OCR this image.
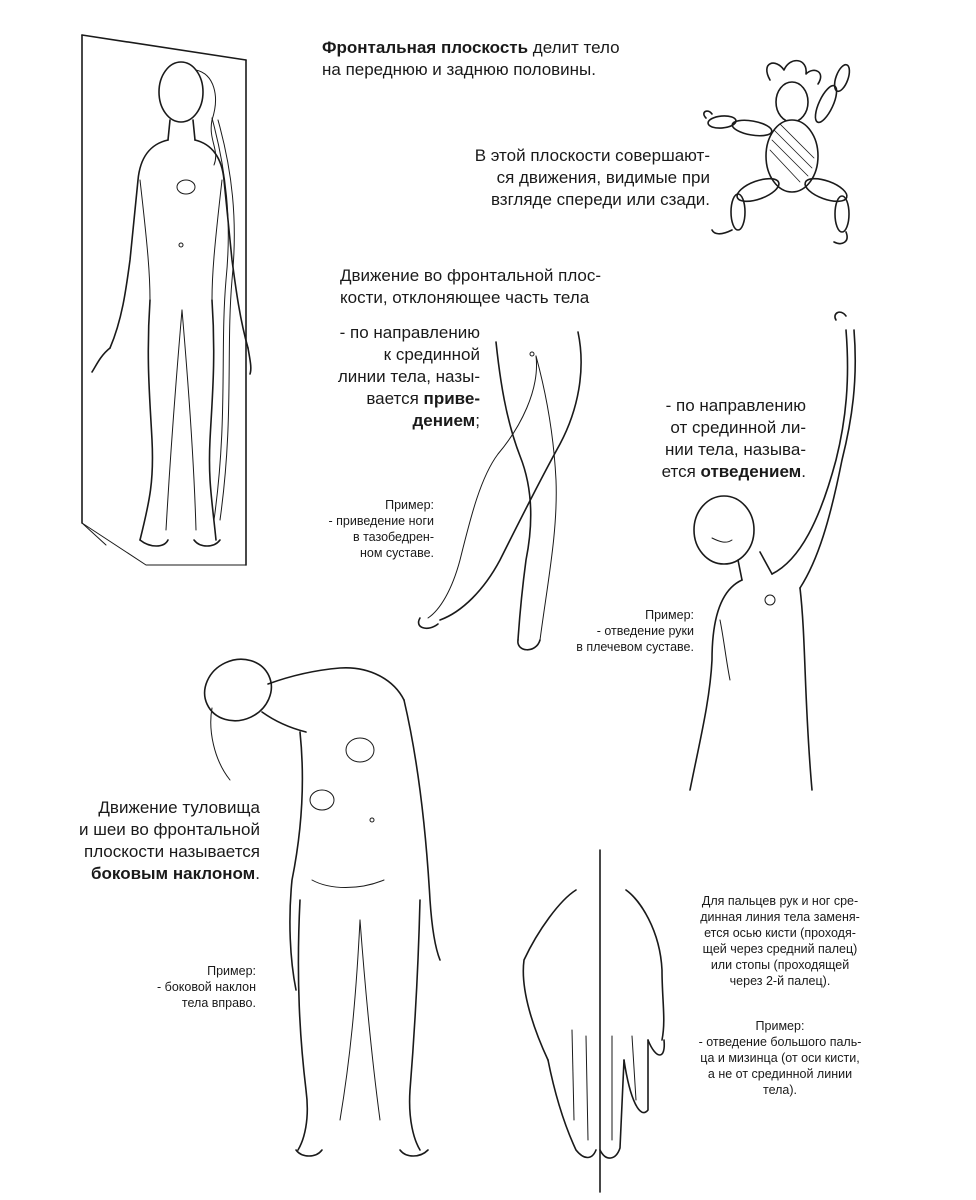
Фронтальная плоскость делит тело
на переднюю и заднюю половины.
В этой плоскости совершают-
ся движения, видимые при
взгляде спереди или сзади.
Движение во фронтальной плос-
кости, отклоняющее часть тела
- по направлению
к срединной
линии тела, назы-
вается приве-
дением;
Пример:
- приведение ноги
в тазобедрен-
ном суставе.
- по направлению
от срединной ли-
нии тела, называ-
ется отведением.
Пример:
- отведение руки
в плечевом суставе.
Движение туловища
и шеи во фронтальной
плоскости называется
боковым наклоном.
Пример:
- боковой наклон
тела вправо.
Для пальцев рук и ног сре-
динная линия тела заменя-
ется осью кисти (проходя-
щей через средний палец)
или стопы (проходящей
через 2-й палец).
Пример:
- отведение большого паль-
ца и мизинца (от оси кисти,
а не от срединной линии
тела).
